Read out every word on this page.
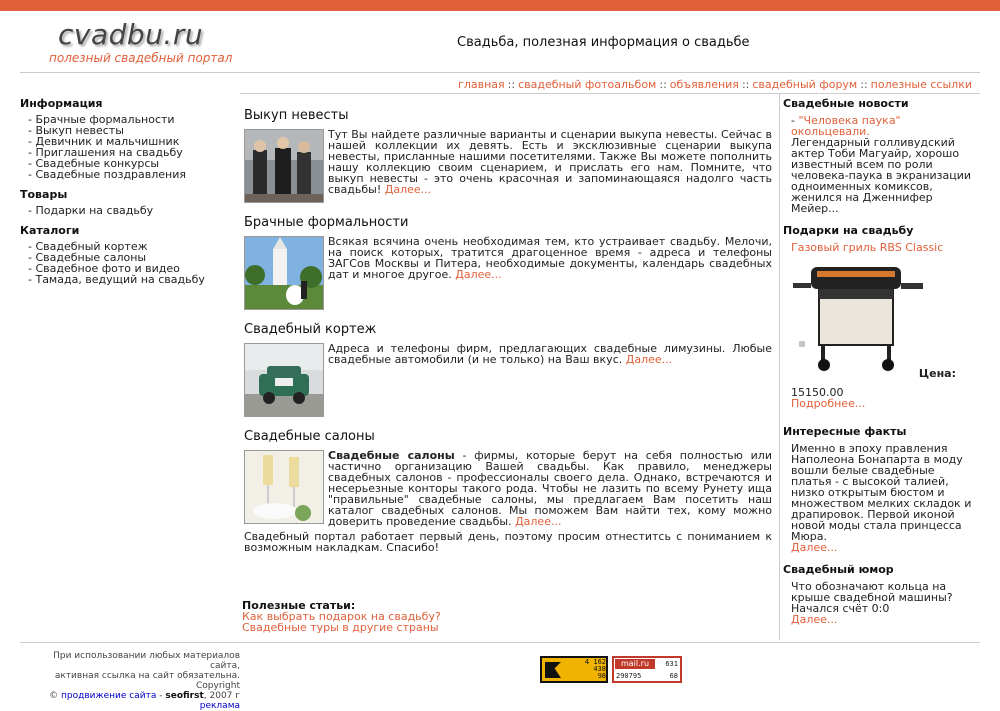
cvadbu.ru
полезный свадебный портал
Свадьба, полезная информация о свадьбе
главная :: свадебный фотоальбом :: объявления :: свадебный форум :: полезные ссылки
Информация
- Брачные формальности
- Выкуп невесты
- Девичник и мальчишник
- Приглашения на свадьбу
- Свадебные конкурсы
- Свадебные поздравления
Товары
- Подарки на свадьбу
Каталоги
- Свадебный кортеж
- Свадебные салоны
- Свадебное фото и видео
- Тамада, ведущий на свадьбу
Выкуп невесты

Тут Вы найдете различные варианты и сценарии выкупа невесты. Сейчас в нашей коллекции их девять. Есть и эксклюзивные сценарии выкупа невесты, присланные нашими посетителями. Также Вы можете пополнить нашу коллекцию своим сценарием, и прислать его нам. Помните, что выкуп невесты - это очень красочная и запоминающаяся надолго часть свадьбы! Далее...

Брачные формальности

Всякая всячина очень необходимая тем, кто устраивает свадьбу. Мелочи, на поиск которых, тратится драгоценное время - адреса и телефоны ЗАГСов Москвы и Питера, необходимые документы, календарь свадебных дат и многое другое. Далее...

Свадебный кортеж

Адреса и телефоны фирм, предлагающих свадебные лимузины. Любые свадебные автомобили (и не только) на Ваш вкус. Далее...

Свадебные салоны

Свадебные салоны - фирмы, которые берут на себя полностью или частично организацию Вашей свадьбы. Как правило, менеджеры свадебных салонов - профессионалы своего дела. Однако, встречаются и несерьезные конторы такого рода. Чтобы не лазить по всему Рунету ища "правильные" свадебные салоны, мы предлагаем Вам посетить наш каталог свадебных салонов. Мы поможем Вам найти тех, кому можно доверить проведение свадьбы. Далее...

Свадебный портал работает первый день, поэтому просим отнеститсь с пониманием к возможным накладкам. Спасибо!

Полезные статьи:
Как выбрать подарок на свадьбу?
Свадебные туры в другие страны
Свадебные новости

- "Человека паука" окольцевали.

Легендарный голливудский актер Тоби Магуайр, хорошо известный всем по роли человека-паука в экранизации одноименных комиксов, женился на Дженнифер Мейер...

Подарки на свадьбу

Газовый гриль RBS Classic

Цена:

15150.00

Подробнее...

Интересные факты

Именно в эпоху правления Наполеона Бонапарта в моду вошли белые свадебные платья - с высокой талией, низко открытым бюстом и множеством мелких складок и драпировок. Первой иконой новой моды стала принцесса Мюра.

Далее...

Свадебный юмор

Что обозначают кольца на крыше свадебной машины?

Начался счёт 0:0

Далее...

При использовании любых материалов сайта,
активная ссылка на сайт обязательна. Copyright
© продвижение сайта - seofirst, 2007 г
реклама
4 162
438
98
mail.ru	631
290795	68
